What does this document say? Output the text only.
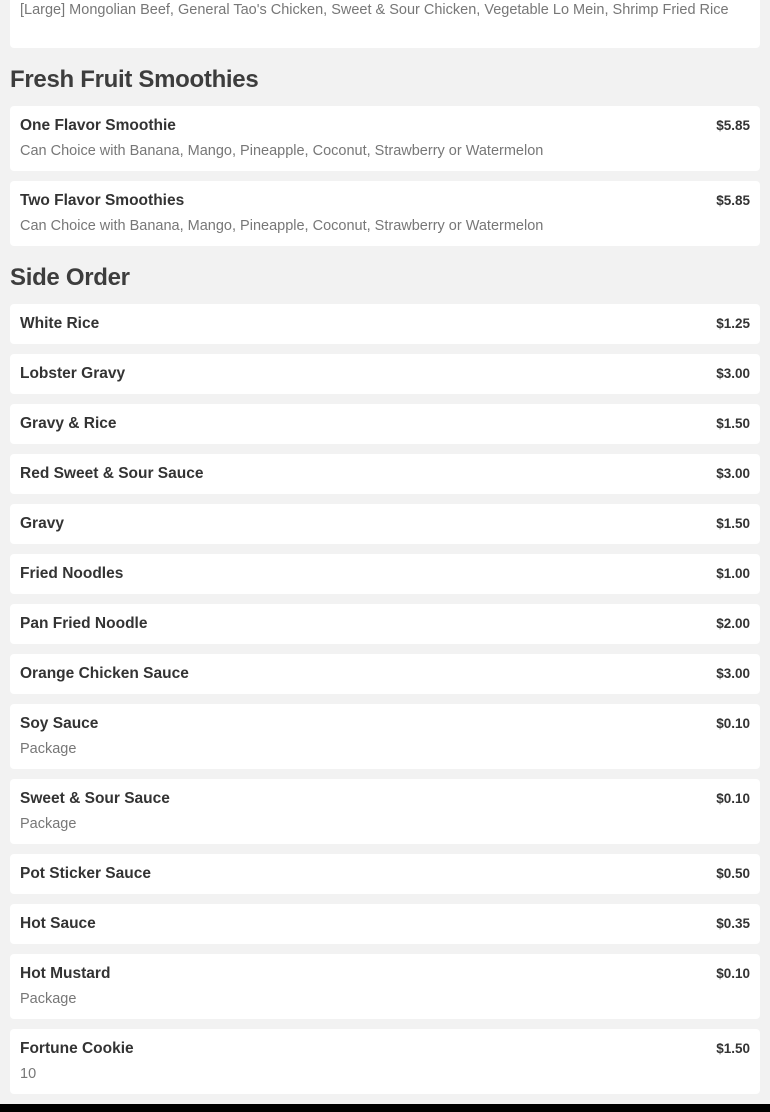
[Large] Mongolian Beef, General Tao's Chicken, Sweet & Sour Chicken, Vegetable Lo Mein, Shrimp Fried Rice
Fresh Fruit Smoothies
One Flavor Smoothie	$5.85
Can Choice with Banana, Mango, Pineapple, Coconut, Strawberry or Watermelon
Two Flavor Smoothies	$5.85
Can Choice with Banana, Mango, Pineapple, Coconut, Strawberry or Watermelon
Side Order
White Rice	$1.25
Lobster Gravy	$3.00
Gravy & Rice	$1.50
Red Sweet & Sour Sauce	$3.00
Gravy	$1.50
Fried Noodles	$1.00
Pan Fried Noodle	$2.00
Orange Chicken Sauce	$3.00
Soy Sauce	$0.10
Package
Sweet & Sour Sauce	$0.10
Package
Pot Sticker Sauce	$0.50
Hot Sauce	$0.35
Hot Mustard	$0.10
Package
Fortune Cookie	$1.50
10
